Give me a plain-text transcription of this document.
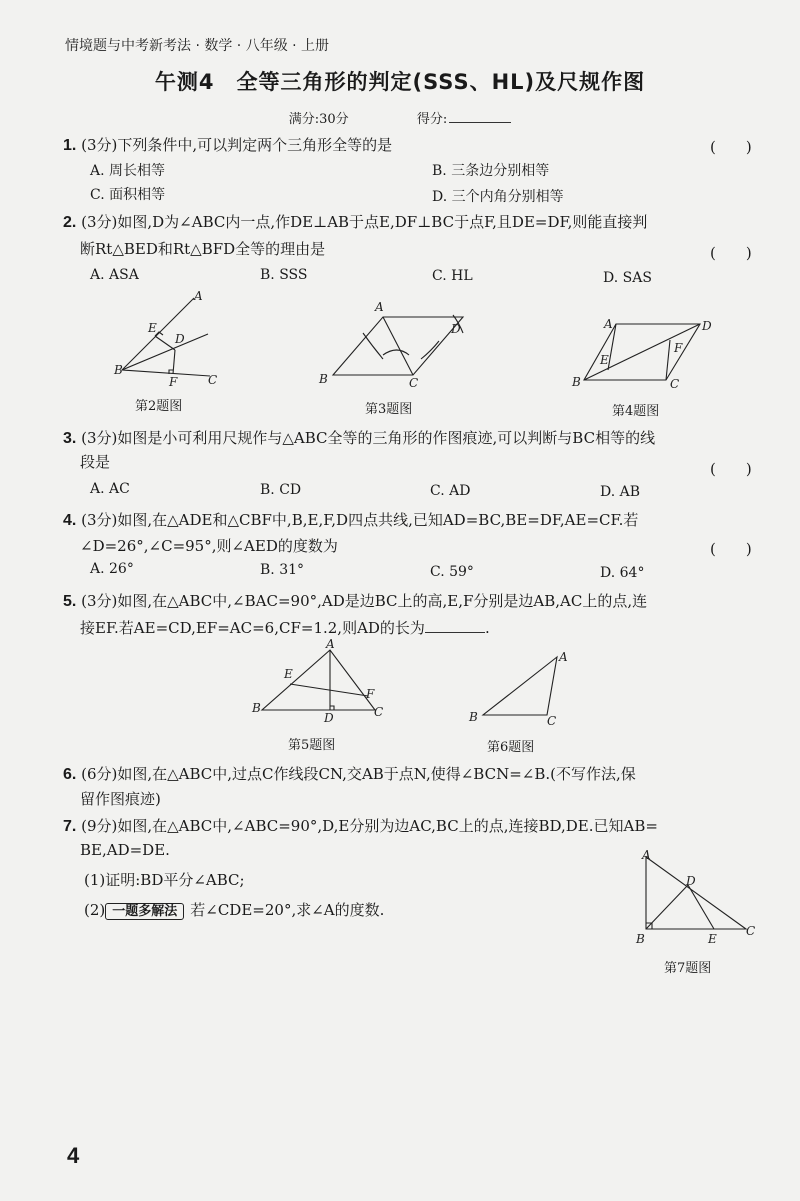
情境题与中考新考法 · 数学 · 八年级 · 上册
午测4　全等三角形的判定(SSS、HL)及尺规作图
满分:30分	得分:
1. (3分)下列条件中,可以判定两个三角形全等的是	(　　)
A. 周长相等	B. 三条边分别相等
C. 面积相等	D. 三个内角分别相等
2. (3分)如图,D为∠ABC内一点,作DE⊥AB于点E,DF⊥BC于点F,且DE=DF,则能直接判
断Rt△BED和Rt△BFD全等的理由是	(　　)
A. ASA	B. SSS	C. HL	D. SAS
A
E
D
B
F	C
第2题图
A
D
B	C
第3题图
A	D
E
F
B	C
第4题图
3. (3分)如图是小可利用尺规作与△ABC全等的三角形的作图痕迹,可以判断与BC相等的线
段是	(　　)
A. AC	B. CD	C. AD	D. AB
4. (3分)如图,在△ADE和△CBF中,B,E,F,D四点共线,已知AD=BC,BE=DF,AE=CF.若
∠D=26°,∠C=95°,则∠AED的度数为	(　　)
A. 26°	B. 31°	C. 59°	D. 64°
5. (3分)如图,在△ABC中,∠BAC=90°,AD是边BC上的高,E,F分别是边AB,AC上的点,连
接EF.若AE=CD,EF=AC=6,CF=1.2,则AD的长为	.
A
E
F
B
D	C
第5题图
A
B	C
第6题图
6. (6分)如图,在△ABC中,过点C作线段CN,交AB于点N,使得∠BCN=∠B.(不写作法,保
留作图痕迹)
7. (9分)如图,在△ABC中,∠ABC=90°,D,E分别为边AC,BC上的点,连接BD,DE.已知AB=
BE,AD=DE.
(1)证明:BD平分∠ABC;
(2) 一题多解法 若∠CDE=20°,求∠A的度数.
A
D
B	E
C
第7题图
4
